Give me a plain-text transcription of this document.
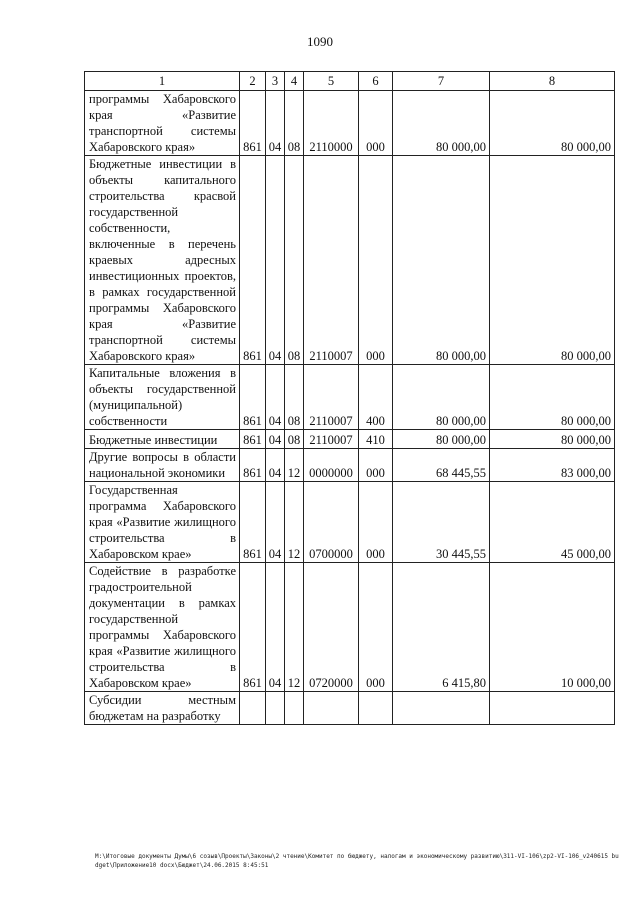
1090
1	2	3	4	5	6	7	8
программы Хабаровского края «Развитие транспортной системы Хабаровского края»	861	04	08	2110000	000	80 000,00	80 000,00
Бюджетные инвестиции в объекты капитального строительства красвой государственной собственности, включенные в перечень краевых адресных инвестиционных проектов, в рамках государственной программы Хабаровского края «Развитие транспортной системы Хабаровского края»	861	04	08	2110007	000	80 000,00	80 000,00
Капитальные вложения в объекты государственной (муниципальной) собственности	861	04	08	2110007	400	80 000,00	80 000,00
Бюджетные инвестиции	861	04	08	2110007	410	80 000,00	80 000,00
Другие вопросы в области национальной экономики	861	04	12	0000000	000	68 445,55	83 000,00
Государственная программа Хабаровского края «Развитие жилищного строительства в Хабаровском крае»	861	04	12	0700000	000	30 445,55	45 000,00
Содействие в разработке градостроительной документации в рамках государственной программы Хабаровского края «Развитие жилищного строительства в Хабаровском крае»	861	04	12	0720000	000	6 415,80	10 000,00
Субсидии местным бюджетам на разработку							
M:\Итоговые документы Думы\6 созыв\Проекты\Законы\2 чтение\Комитет по бюджету, налогам и экономическому развитию\311-VI-106\zp2-VI-106_v240615 budget\Приложение10 docx\Бюджет\24.06.2015 8:45:51
